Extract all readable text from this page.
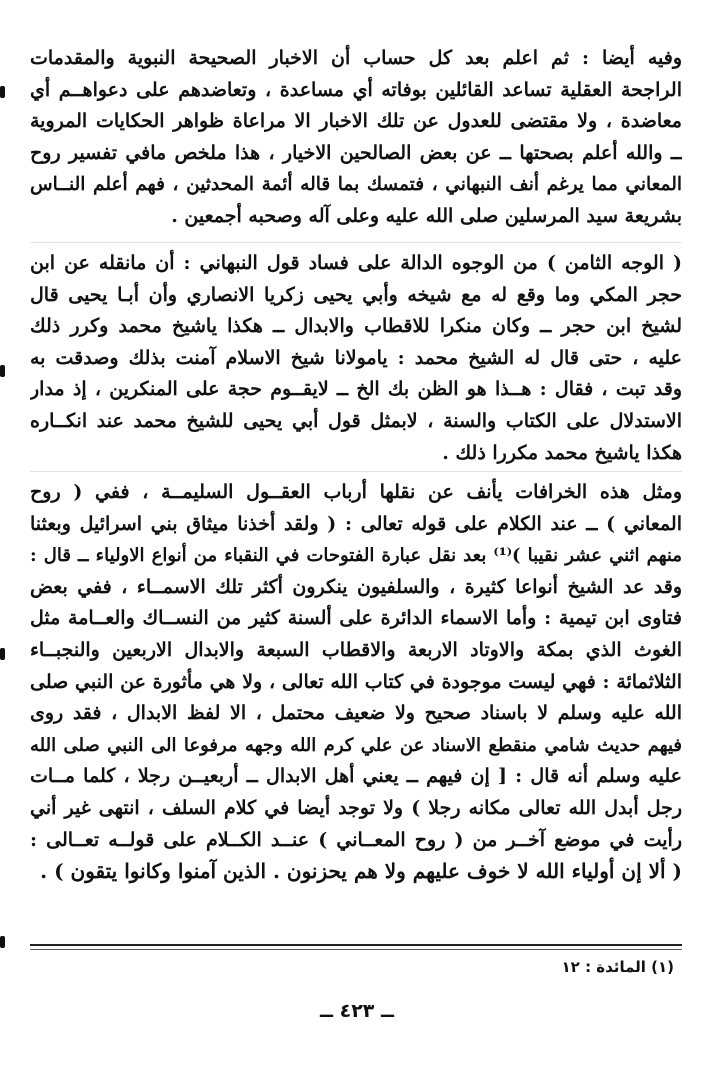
وفيه أيضا : ثم اعلم بعد كل حساب أن الاخبار الصحيحة النبوية والمقدمات
الراجحة العقلية تساعد القائلين بوفاته أي مساعدة ، وتعاضدهم على دعواهــم أي
معاضدة ، ولا مقتضى للعدول عن تلك الاخبار الا مراعاة ظواهر الحكايات المروية
ــ والله أعلم بصحتها ــ عن بعض الصالحين الاخيار ، هذا ملخص مافي تفسير روح
المعاني مما يرغم أنف النبهاني ، فتمسك بما قاله أئمة المحدثين ، فهم أعلم النــاس
بشريعة سيد المرسلين صلى الله عليه وعلى آله وصحبه أجمعين .
( الوجه الثامن ) من الوجوه الدالة على فساد قول النبهاني : أن مانقله عن ابن
حجر المكي وما وقع له مع شيخه وأبي يحيى زكريا الانصاري وأن أبـا يحيى قال
لشيخ ابن حجر ــ وكان منكرا للاقطاب والابدال ــ هكذا ياشيخ محمد وكرر ذلك
عليه ، حتى قال له الشيخ محمد : يامولانا شيخ الاسلام آمنت بذلك وصدقت به
وقد تبت ، فقال : هــذا هو الظن بك الخ ــ لايقــوم حجة على المنكرين ، إذ مدار
الاستدلال على الكتاب والسنة ، لابمثل قول أبي يحيى للشيخ محمد عند انكــاره
هكذا ياشيخ محمد مكررا ذلك .
ومثل هذه الخرافات يأنف عن نقلها أرباب العقــول السليمــة ، ففي ( روح
المعاني ) ــ عند الكلام على قوله تعالى : ( ولقد أخذنا ميثاق بني اسرائيل وبعثنا
منهم اثني عشر نقيبا )⁽¹⁾ بعد نقل عبارة الفتوحات في النقباء من أنواع الاولياء ــ قال :
وقد عد الشيخ أنواعا كثيرة ، والسلفيون ينكرون أكثر تلك الاسمــاء ، ففي بعض
فتاوى ابن تيمية : وأما الاسماء الدائرة على ألسنة كثير من النســاك والعــامة مثل
الغوث الذي بمكة والاوتاد الاربعة والاقطاب السبعة والابدال الاربعين والنجبــاء
الثلاثمائة : فهي ليست موجودة في كتاب الله تعالى ، ولا هي مأثورة عن النبي صلى
الله عليه وسلم لا باسناد صحيح ولا ضعيف محتمل ، الا لفظ الابدال ، فقد روى
فيهم حديث شامي منقطع الاسناد عن علي كرم الله وجهه مرفوعا الى النبي صلى الله
عليه وسلم أنه قال : [ إن فيهم ــ يعني أهل الابدال ــ أربعيــن رجلا ، كلما مــات
رجل أبدل الله تعالى مكانه رجلا ) ولا توجد أيضا في كلام السلف ، انتهى غير أني
رأيت في موضع آخــر من ( روح المعــاني ) عنــد الكــلام على قولــه تعــالى :
( ألا إن أولياء الله لا خوف عليهم ولا هم يحزنون . الذين آمنوا وكانوا يتقون ) .
(١) المائدة : ١٢
ــ ٤٢٣ ــ
